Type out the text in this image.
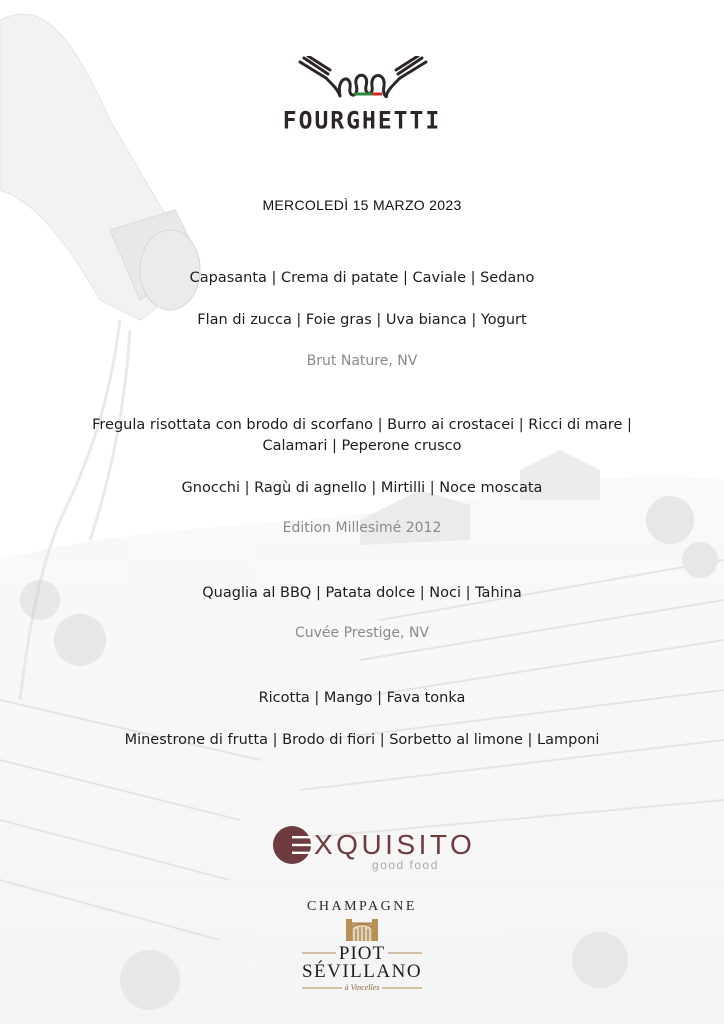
FOURGHETTI
MERCOLEDÌ 15 MARZO 2023
Capasanta | Crema di patate | Caviale | Sedano
Flan di zucca | Foie gras | Uva bianca | Yogurt
Brut Nature, NV
Fregula risottata con brodo di scorfano | Burro ai crostacei | Ricci di mare |
Calamari | Peperone crusco
Gnocchi | Ragù di agnello | Mirtilli | Noce moscata
Edition Millesimé 2012
Quaglia al BBQ | Patata dolce | Noci | Tahina
Cuvée Prestige, NV
Ricotta | Mango | Fava tonka
Minestrone di frutta | Brodo di fiori | Sorbetto al limone | Lamponi
XQUISITO
good food
CHAMPAGNE
PIOT
SÉVILLANO
à Vincelles
